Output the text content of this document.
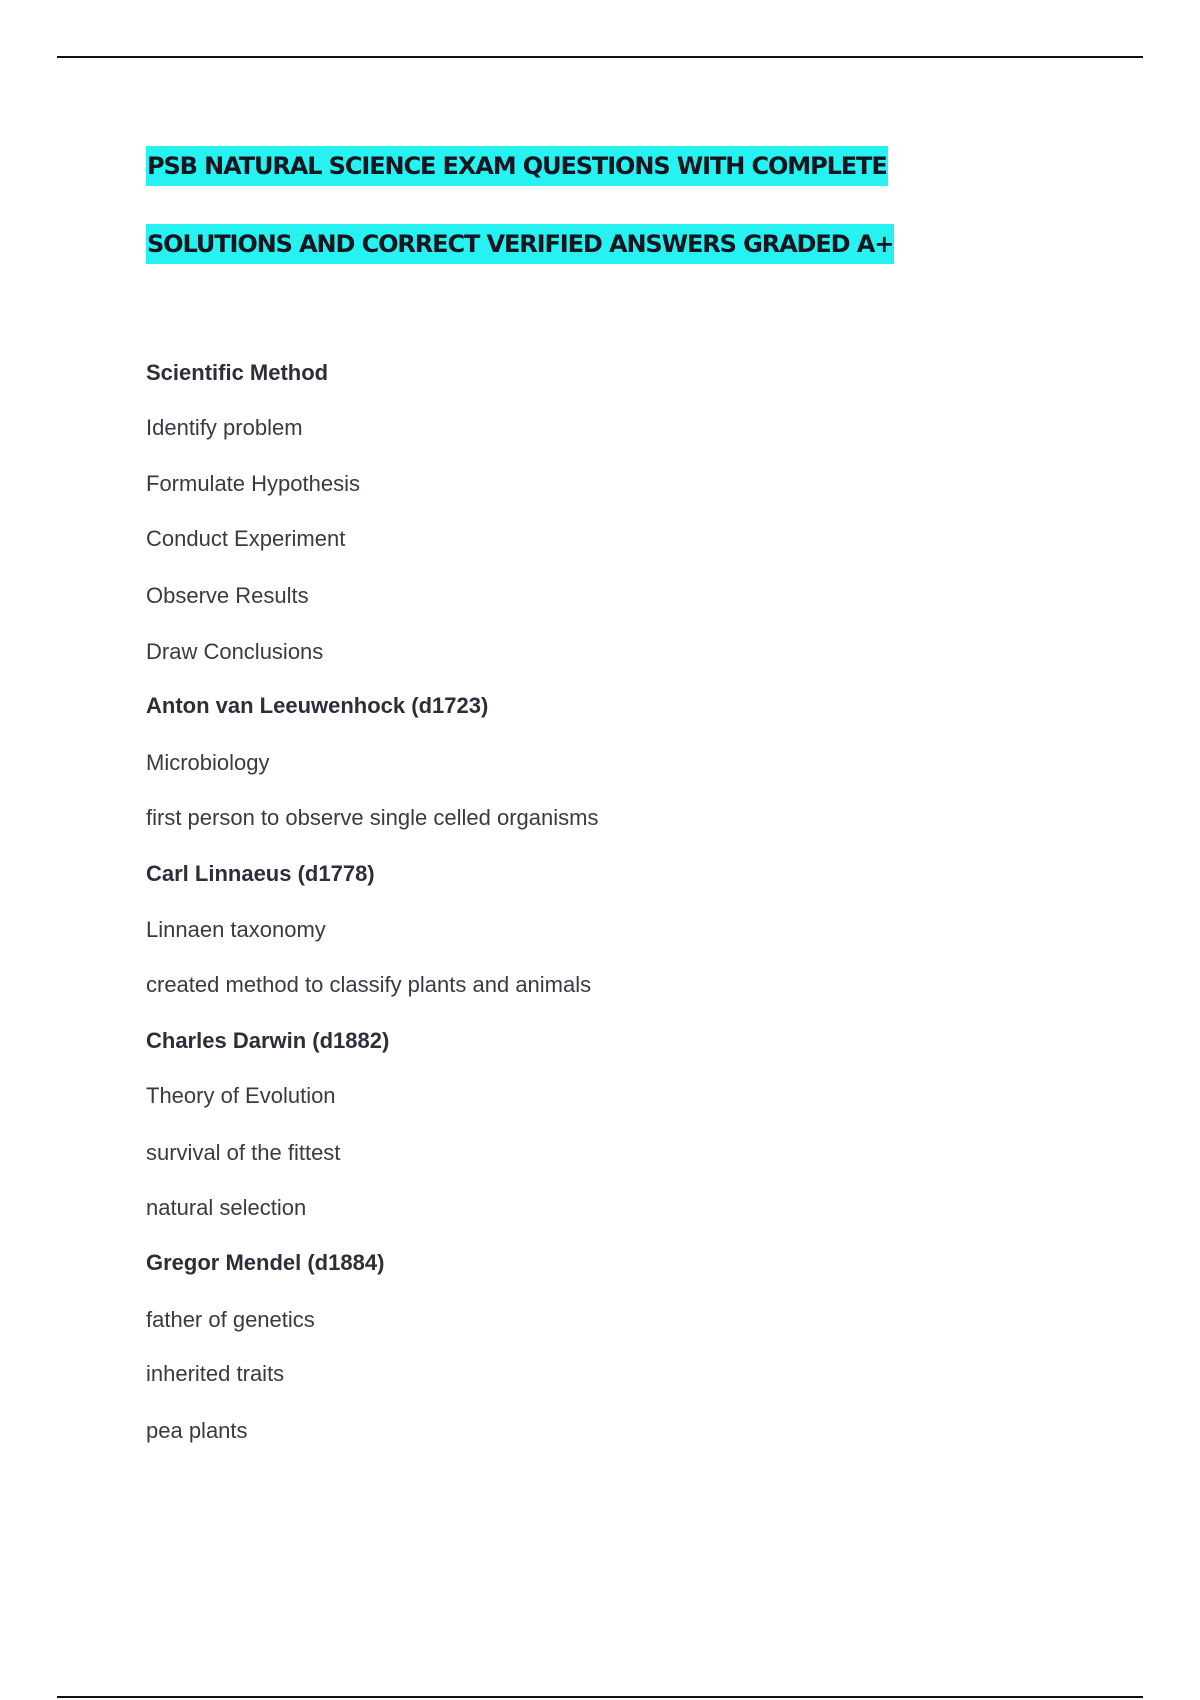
PSB NATURAL SCIENCE EXAM QUESTIONS WITH COMPLETE
SOLUTIONS AND CORRECT VERIFIED ANSWERS GRADED A+

Scientific Method

Identify problem

Formulate Hypothesis

Conduct Experiment

Observe Results

Draw Conclusions

Anton van Leeuwenhock (d1723)

Microbiology

first person to observe single celled organisms

Carl Linnaeus (d1778)

Linnaen taxonomy

created method to classify plants and animals

Charles Darwin (d1882)

Theory of Evolution

survival of the fittest

natural selection

Gregor Mendel (d1884)

father of genetics

inherited traits

pea plants
